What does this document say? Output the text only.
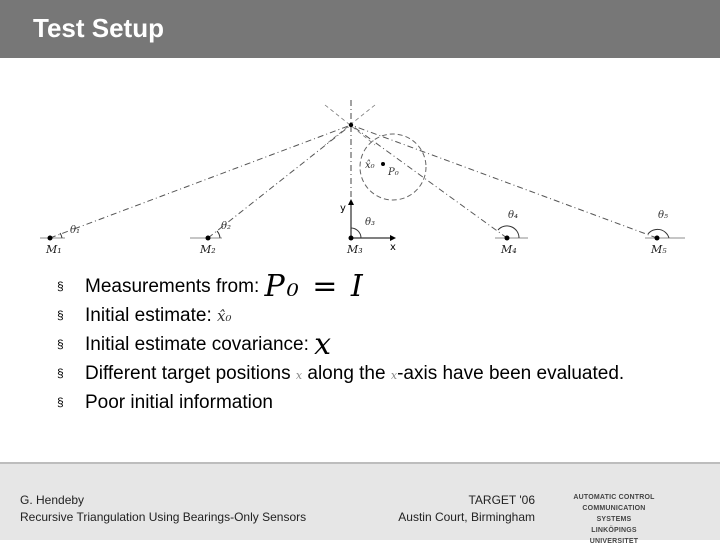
Test Setup
x̂₀
P₀
x
y
θ₁	θ₂	θ₃
θ₄	θ₅
M₁	M₂	M₃	M₄	M₅
§ Measurements from: P₀ = I
§ Initial estimate: x̂₀
§ Initial estimate covariance: x
§ Different target positions x along the x-axis have been evaluated.
§ Poor initial information
G. Hendeby
Recursive Triangulation Using Bearings-Only Sensors
TARGET '06
Austin Court, Birmingham
AUTOMATIC CONTROL
COMMUNICATION SYSTEMS
LINKÖPINGS UNIVERSITET
